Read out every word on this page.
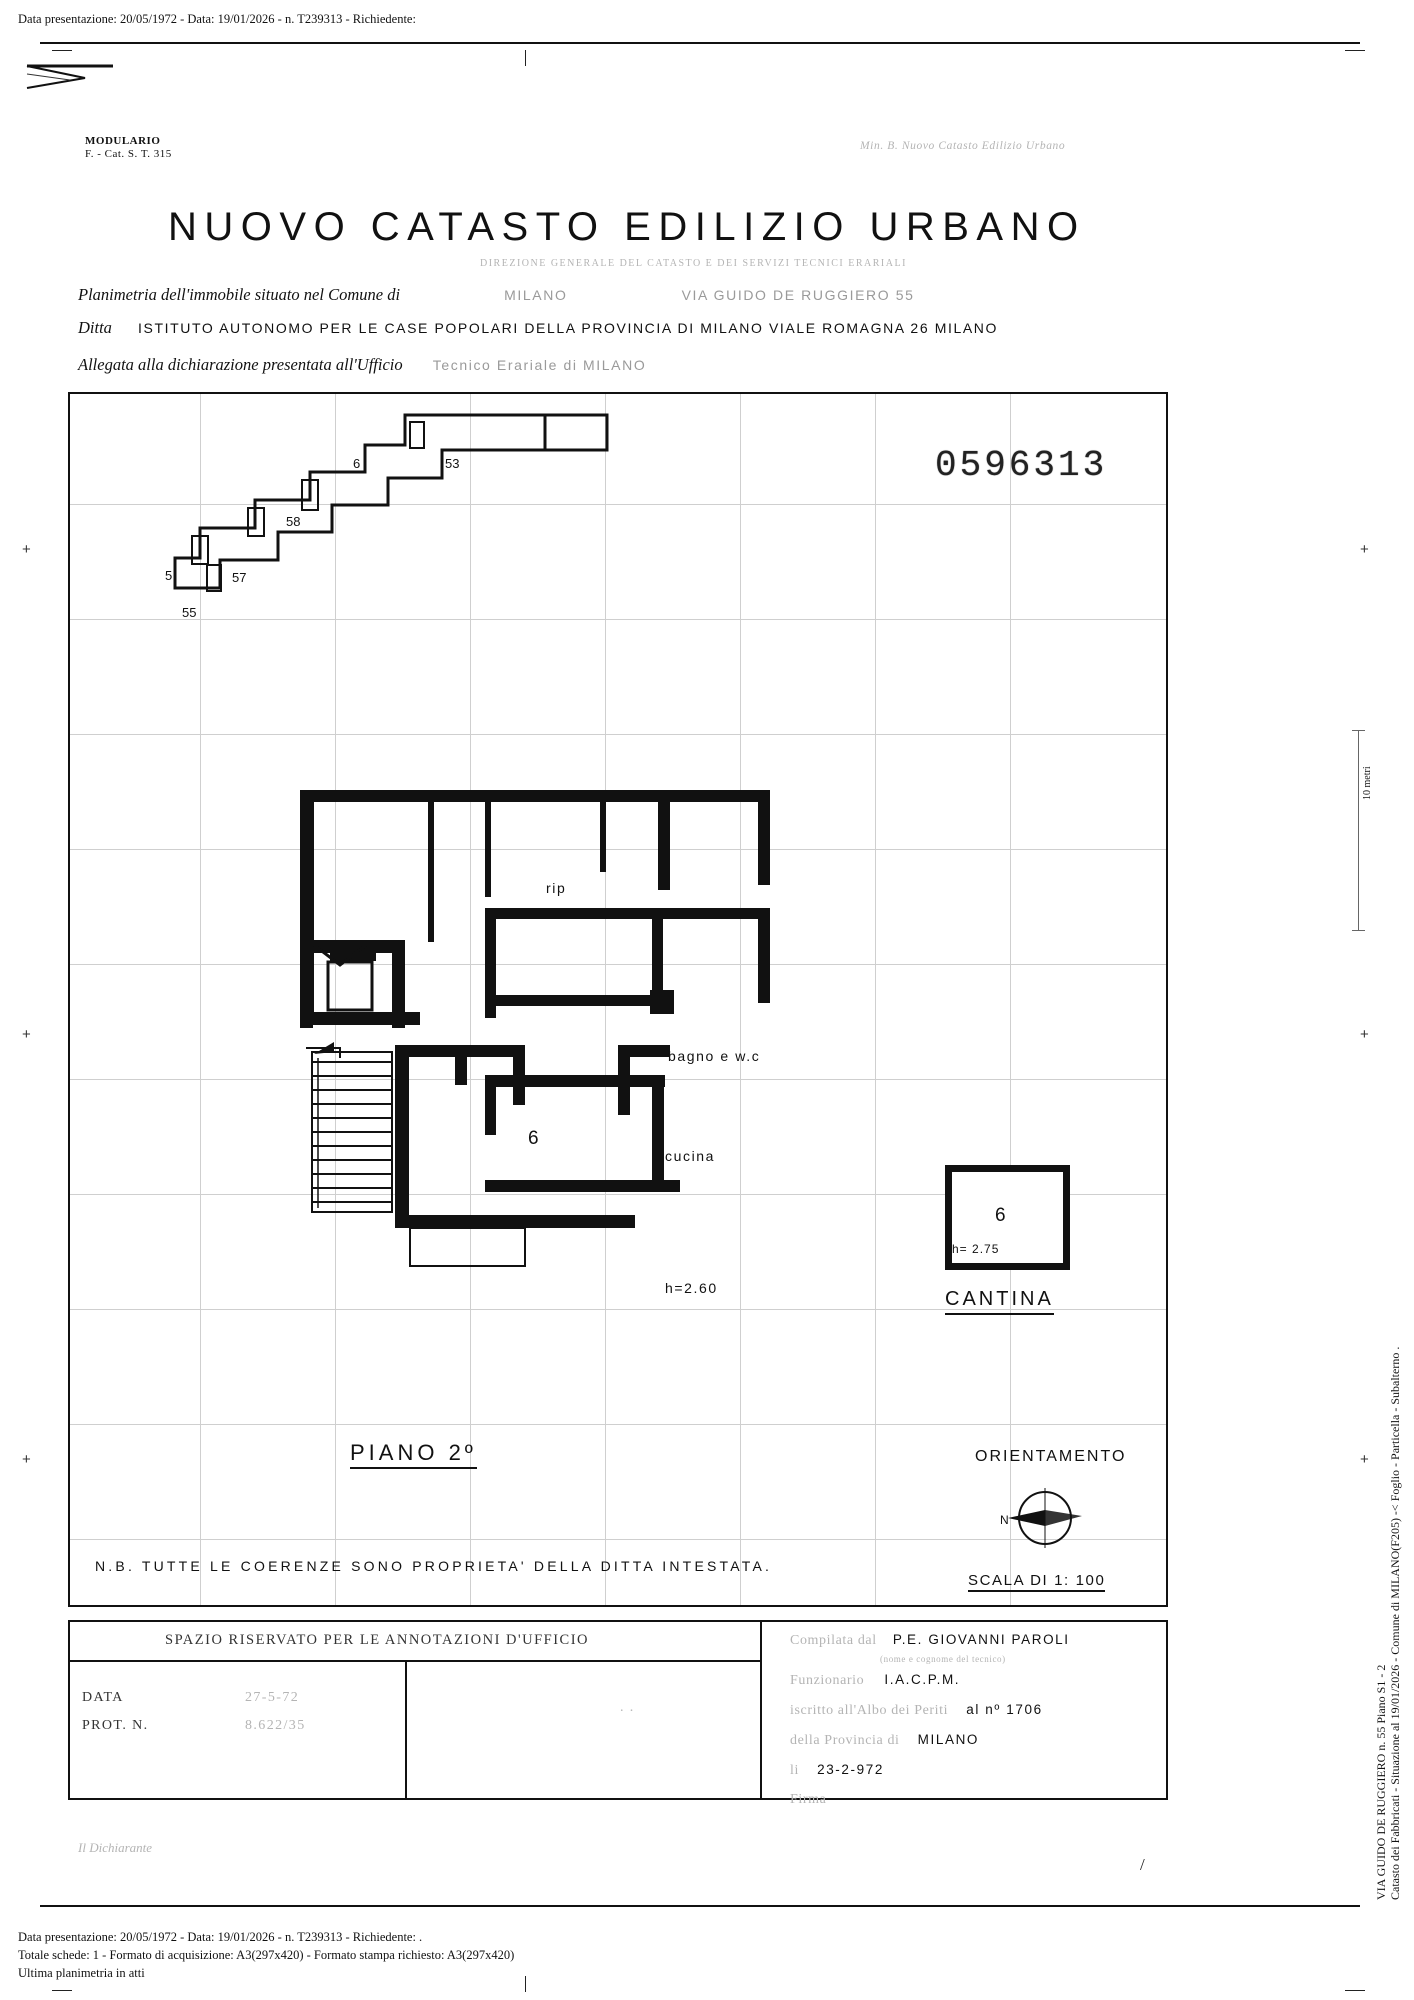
Data presentazione: 20/05/1972 - Data: 19/01/2026 - n. T239313 - Richiedente:
Data presentazione: 20/05/1972 - Data: 19/01/2026 - n. T239313 - Richiedente: .
Totale schede: 1 - Formato di acquisizione: A3(297x420) - Formato stampa richiesto: A3(297x420)
Ultima planimetria in atti
Catasto dei Fabbricati - Situazione al 19/01/2026 - Comune di MILANO(F205) -< Foglio - Particella - Subalterno .
VIA GUIDO DE RUGGIERO n. 55 Piano S1 - 2
10 metri
+
+
+
+
+
+
MODULARIO
F. - Cat. S. T. 315
Min. B. Nuovo Catasto Edilizio Urbano
NUOVO CATASTO EDILIZIO URBANO
DIREZIONE GENERALE DEL CATASTO E DEI SERVIZI TECNICI ERARIALI
Planimetria dell'immobile situato nel Comune di	MILANO	VIA GUIDO DE RUGGIERO 55
Ditta ISTITUTO AUTONOMO PER LE CASE POPOLARI DELLA PROVINCIA DI MILANO VIALE ROMAGNA 26 MILANO
Allegata alla dichiarazione presentata all'Ufficio Tecnico Erariale di MILANO
0596313
6	53
58
57
5
55
rip
bagno e w.c
cucina
h=2.60
6
6
h= 2.75
CANTINA
PIANO 2º	ORIENTAMENTO
N
SCALA DI 1: 100
N.B. TUTTE LE COERENZE SONO PROPRIETA' DELLA DITTA INTESTATA.
SPAZIO RISERVATO PER LE ANNOTAZIONI D'UFFICIO
DATA	27-5-72
PROT. N.	8.622/35
. .
Compilata dal P.E. GIOVANNI PAROLI
(nome e cognome del tecnico)
Funzionario I.A.C.P.M.
iscritto all'Albo dei Periti al nº 1706
della Provincia di MILANO
li 23-2-972
Firma
Il Dichiarante
/
